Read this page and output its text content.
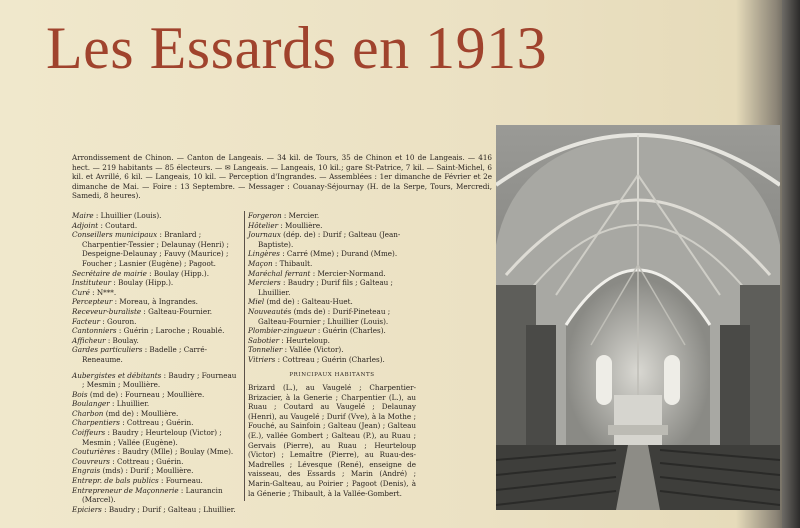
Les Essards en 1913
Arrondissement de Chinon. — Canton de Langeais. — 34 kil. de Tours, 35 de Chinon et 10 de Langeais. — 416 hect. — 219 habitants — 85 électeurs. — ✉ Langeais. — Langeais, 10 kil.; gare St-Patrice, 7 kil. — Saint-Michel, 6 kil. et Avrillé, 6 kil. — Langeais, 10 kil. — Perception d'Ingrandes. — Assemblées : 1er dimanche de Février et 2e dimanche de Mai. — Foire : 13 Septembre. — Messager : Couanay-Séjournay (H. de la Serpe, Tours, Mercredi, Samedi, 8 heures).

Maire : Lhuillier (Louis).

Adjoint : Coutard.

Conseillers municipaux : Branlard ; Charpentier-Tessier ; Delaunay (Henri) ; Despeigne-Delaunay ; Fauvy (Maurice) ; Foucher ; Lasnier (Eugène) ; Pagoot.

Secrétaire de mairie : Boulay (Hipp.).

Instituteur : Boulay (Hipp.).

Curé : N***.

Percepteur : Moreau, à Ingrandes.

Receveur-buraliste : Galteau-Fournier.

Facteur : Gouron.

Cantonniers : Guérin ; Laroche ; Rouablé.

Afficheur : Boulay.

Gardes particuliers : Badelle ; Carré-Reneaume.

Aubergistes et débitants : Baudry ; Fourneau ; Mesmin ; Moullière.

Bois (md de) : Fourneau ; Moullière.

Boulanger : Lhuillier.

Charbon (md de) : Moullière.

Charpentiers : Cottreau ; Guérin.

Coiffeurs : Baudry ; Heurteloup (Victor) ; Mesmin ; Vallée (Eugène).

Couturières : Baudry (Mlle) ; Boulay (Mme).

Couvreurs : Cottreau ; Guérin.

Engrais (mds) : Durif ; Moullière.

Entrepr. de bals publics : Fourneau.

Entrepreneur de Maçonnerie : Laurancin (Marcel).

Epiciers : Baudry ; Durif ; Galteau ; Lhuillier.

Forgeron : Mercier.

Hôtelier : Moullière.

Journaux (dép. de) : Durif ; Galteau (Jean-Baptiste).

Lingères : Carré (Mme) ; Durand (Mme).

Maçon : Thibault.

Maréchal ferrant : Mercier-Normand.

Merciers : Baudry ; Durif fils ; Galteau ; Lhuillier.

Miel (md de) : Galteau-Huet.

Nouveautés (mds de) : Durif-Pineteau ; Galteau-Fournier ; Lhuillier (Louis).

Plombier-zingueur : Guérin (Charles).

Sabotier : Heurteloup.

Tonnelier : Vallée (Victor).

Vitriers : Cottreau ; Guérin (Charles).

PRINCIPAUX HABITANTS
Brizard (L.), au Vaugelé ; Charpentier-Brizacier, à la Generie ; Charpentier (L.), au Ruau ; Coutard au Vaugelé ; Delaunay (Henri), au Vaugelé ; Durif (Vve), à la Mothe ; Fouché, au Sainfoin ; Galteau (Jean) ; Galteau (E.), vallée Gombert ; Galteau (P.), au Ruau ; Gervais (Pierre), au Ruau ; Heurteloup (Victor) ; Lemaître (Pierre), au Ruau-des-Madrelles ; Lévesque (René), enseigne de vaisseau, des Essards ; Marin (André) ; Marin-Galteau, au Poirier ; Pagoot (Denis), à la Génerie ; Thibault, à la Vallée-Gombert.
